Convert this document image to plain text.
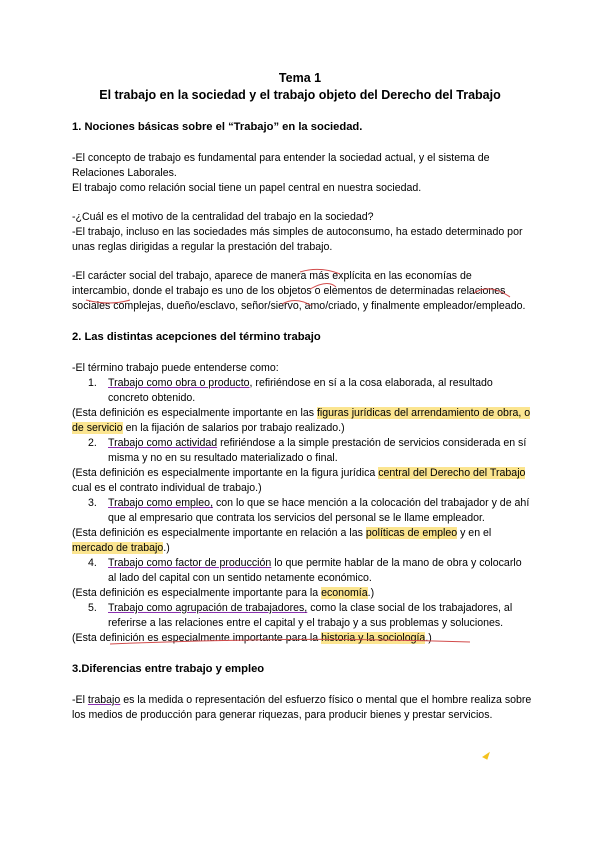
Tema 1
El trabajo en la sociedad y el trabajo objeto del Derecho del Trabajo

1. Nociones básicas sobre el “Trabajo” en la sociedad.

-El concepto de trabajo es fundamental para entender la sociedad actual, y el sistema de Relaciones Laborales.

El trabajo como relación social tiene un papel central en nuestra sociedad.

-¿Cuál es el motivo de la centralidad del trabajo en la sociedad?

-El trabajo, incluso en las sociedades más simples de autoconsumo, ha estado determinado por unas reglas dirigidas a regular la prestación del trabajo.

-El carácter social del trabajo, aparece de manera más explícita en las economías de intercambio, donde el trabajo es uno de los objetos o elementos de determinadas relaciones sociales complejas, dueño/esclavo, señor/siervo, amo/criado, y finalmente empleador/empleado.

2. Las distintas acepciones del término trabajo

-El término trabajo puede entenderse como:

1.	Trabajo como obra o producto, refiriéndose en sí a la cosa elaborada, al resultado concreto obtenido.

(Esta definición es especialmente importante en las figuras jurídicas del arrendamiento de obra, o de servicio en la fijación de salarios por trabajo realizado.)

2.	Trabajo como actividad refiriéndose a la simple prestación de servicios considerada en sí misma y no en su resultado materializado o final.

(Esta definición es especialmente importante en la figura jurídica central del Derecho del Trabajo cual es el contrato individual de trabajo.)

3.	Trabajo como empleo, con lo que se hace mención a la colocación del trabajador y de ahí que al empresario que contrata los servicios del personal se le llame empleador.

(Esta definición es especialmente importante en relación a las políticas de empleo y en el mercado de trabajo.)

4.	Trabajo como factor de producción lo que permite hablar de la mano de obra y colocarlo al lado del capital con un sentido netamente económico.

(Esta definición es especialmente importante para la economía.)

5.	Trabajo como agrupación de trabajadores, como la clase social de los trabajadores, al referirse a las relaciones entre el capital y el trabajo y a sus problemas y soluciones.

(Esta definición es especialmente importante para la historia y la sociología.)

3.Diferencias entre trabajo y empleo

-El trabajo es la medida o representación del esfuerzo físico o mental que el hombre realiza sobre los medios de producción para generar riquezas, para producir bienes y prestar servicios.
